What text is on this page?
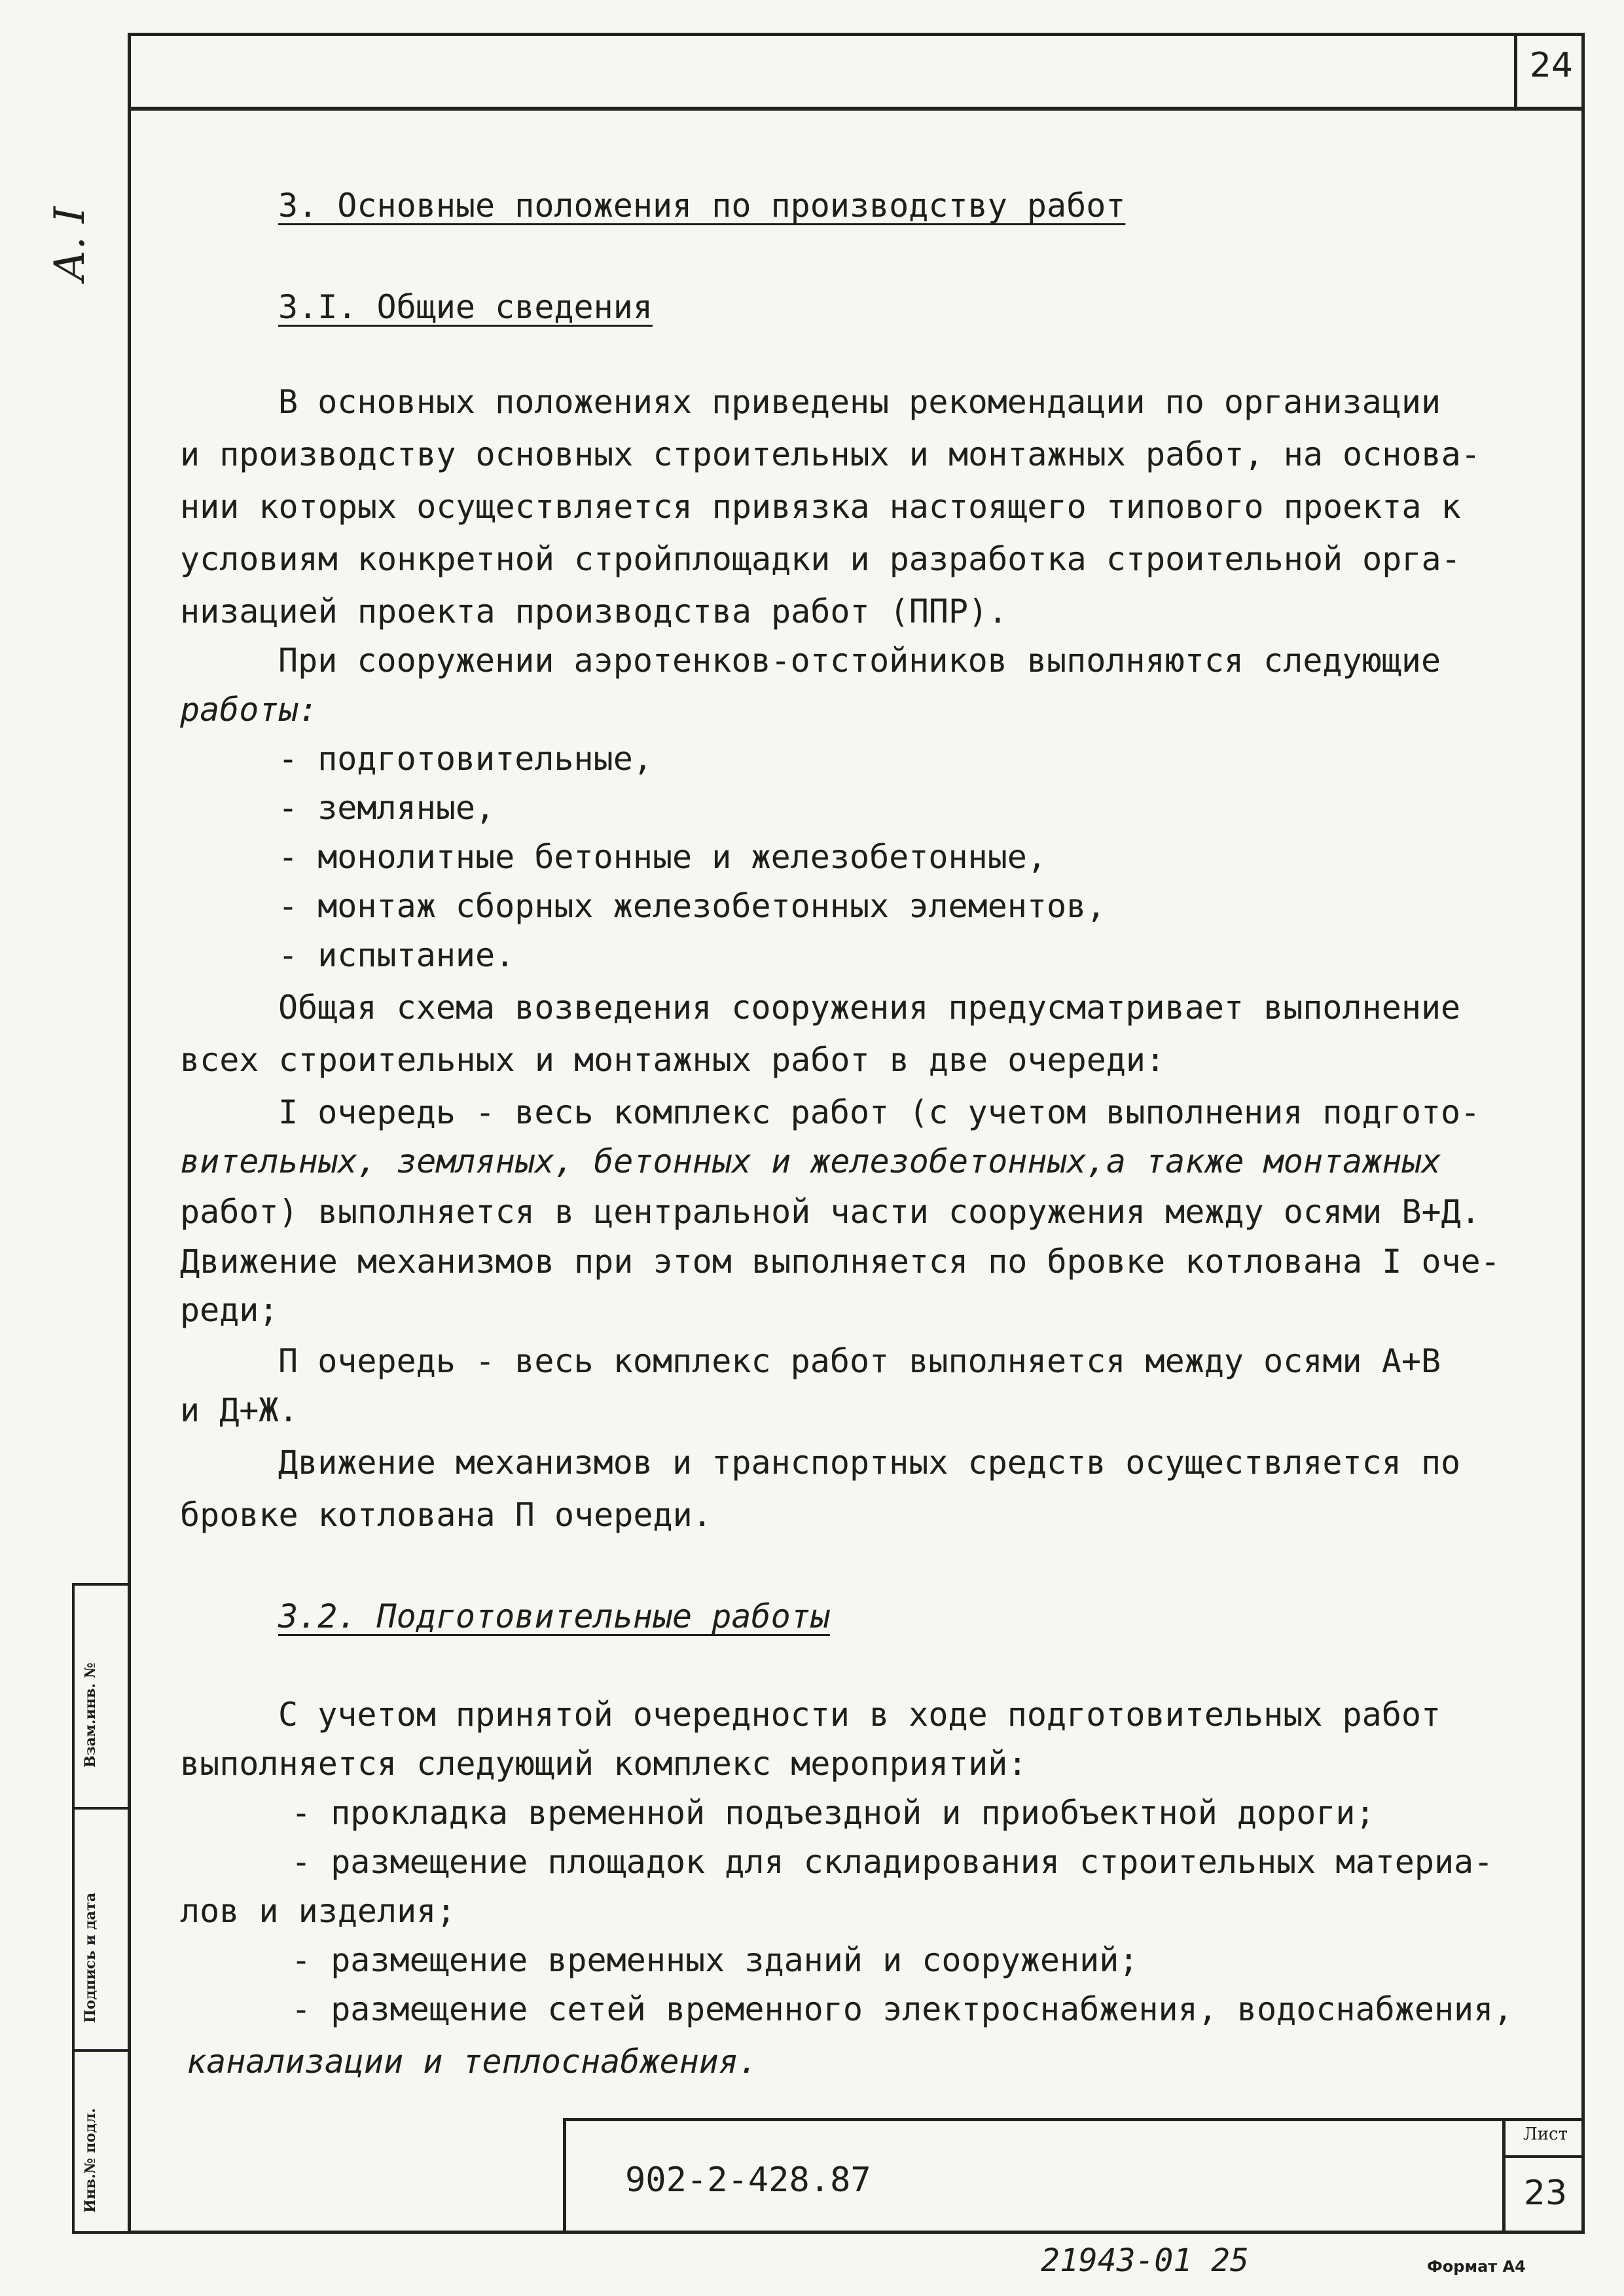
24
А. I
Взам.инв. №
Подпись и дата
Инв.№ подл.
3. Основные положения по производству работ
3.I. Общие сведения
В основных положениях приведены рекомендации по организации
и производству основных строительных и монтажных работ, на основа-
нии которых осуществляется привязка настоящего типового проекта к
условиям конкретной стройплощадки и разработка строительной орга-
низацией проекта производства работ (ППР).
При сооружении аэротенков-отстойников выполняются следующие
работы:
- подготовительные,
- земляные,
- монолитные бетонные и железобетонные,
- монтаж сборных железобетонных элементов,
- испытание.
Общая схема возведения сооружения предусматривает выполнение
всех строительных и монтажных работ в две очереди:
I очередь - весь комплекс работ (с учетом выполнения подгото-
вительных, земляных, бетонных и железобетонных,а также монтажных
работ) выполняется в центральной части сооружения между осями В+Д.
Движение механизмов при этом выполняется по бровке котлована I оче-
реди;
П очередь - весь комплекс работ выполняется между осями А+В
и Д+Ж.
Движение механизмов и транспортных средств осуществляется по
бровке котлована П очереди.
3.2. Подготовительные работы
С учетом принятой очередности в ходе подготовительных работ
выполняется следующий комплекс мероприятий:
- прокладка временной подъездной и приобъектной дороги;
- размещение площадок для складирования строительных материа-
лов и изделия;
- размещение временных зданий и сооружений;
- размещение сетей временного электроснабжения, водоснабжения,
канализации и теплоснабжения.
902-2-428.87
Лист
23
21943-01 25	Формат А4
